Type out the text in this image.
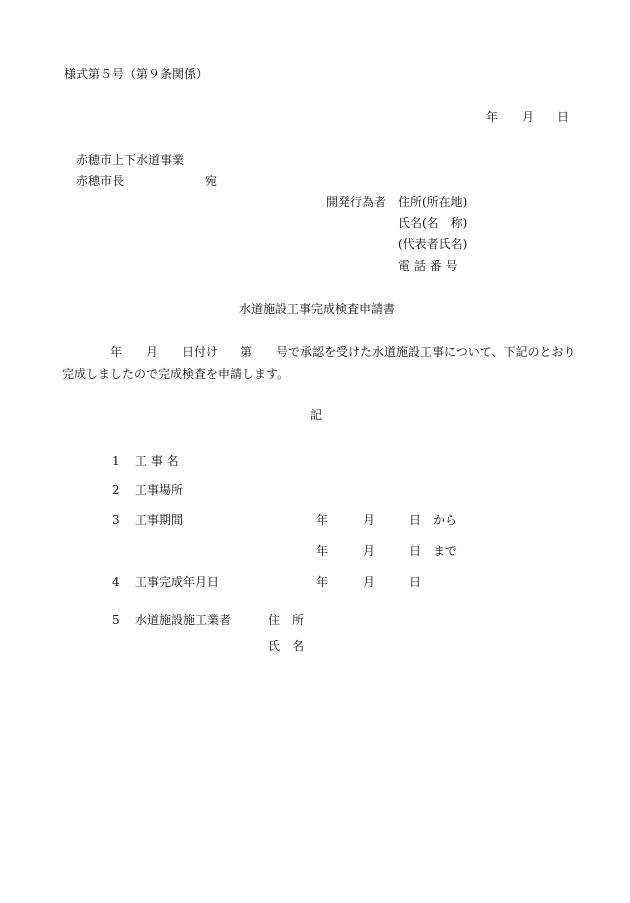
様式第５号（第９条関係）
年 月 日
赤穂市上下水道事業
赤穂市長	宛
開発行為者 住所(所在地)
氏名(名　称)
(代表者氏名)
電 話 番 号
水道施設工事完成検査申請書
年 月 日付け 第 号で承認を受けた水道施設工事について、下記のとおり
完成しましたので完成検査を申請します。
記
1 工 事 名
2 工事場所
3 工事期間	年	月	日 から
年	月	日 まで
4 工事完成年月日	年	月	日
5 水道施設施工業者	住　所
氏　名
